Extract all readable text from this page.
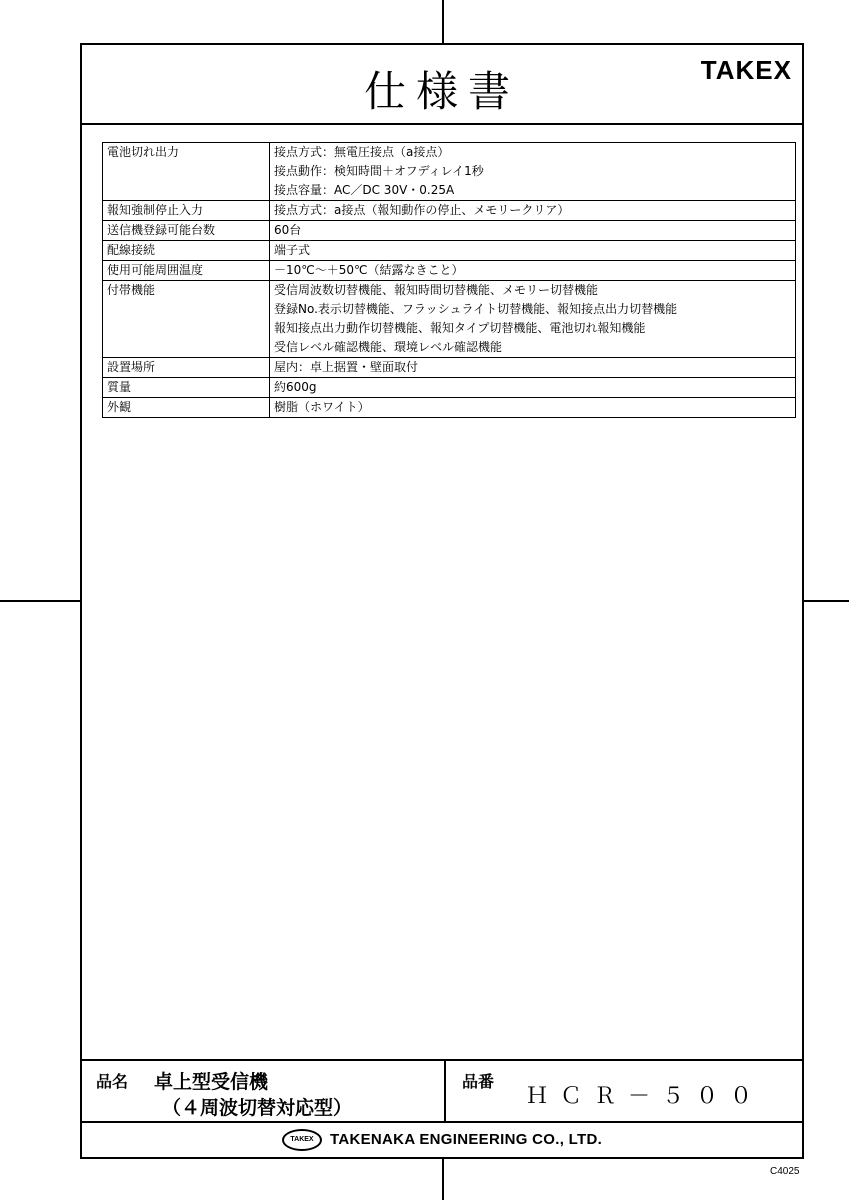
仕様書	TAKEX
電池切れ出力	接点方式：無電圧接点（a接点）
接点動作：検知時間＋オフディレイ1秒
接点容量：AC／DC 30V・0.25A

報知強制停止入力	接点方式：a接点（報知動作の停止、メモリークリア）

送信機登録可能台数	60台

配線接続	端子式

使用可能周囲温度	－10℃～＋50℃（結露なきこと）

付帯機能	受信周波数切替機能、報知時間切替機能、メモリー切替機能
登録No.表示切替機能、フラッシュライト切替機能、報知接点出力切替機能
報知接点出力動作切替機能、報知タイプ切替機能、電池切れ報知機能
受信レベル確認機能、環境レベル確認機能

設置場所	屋内：卓上据置・壁面取付

質量	約600g

外観	樹脂（ホワイト）
品名 卓上型受信機
（４周波切替対応型）
品番
ＨＣＲ－５００
TAKEX	TAKENAKA ENGINEERING CO., LTD.
C4025
